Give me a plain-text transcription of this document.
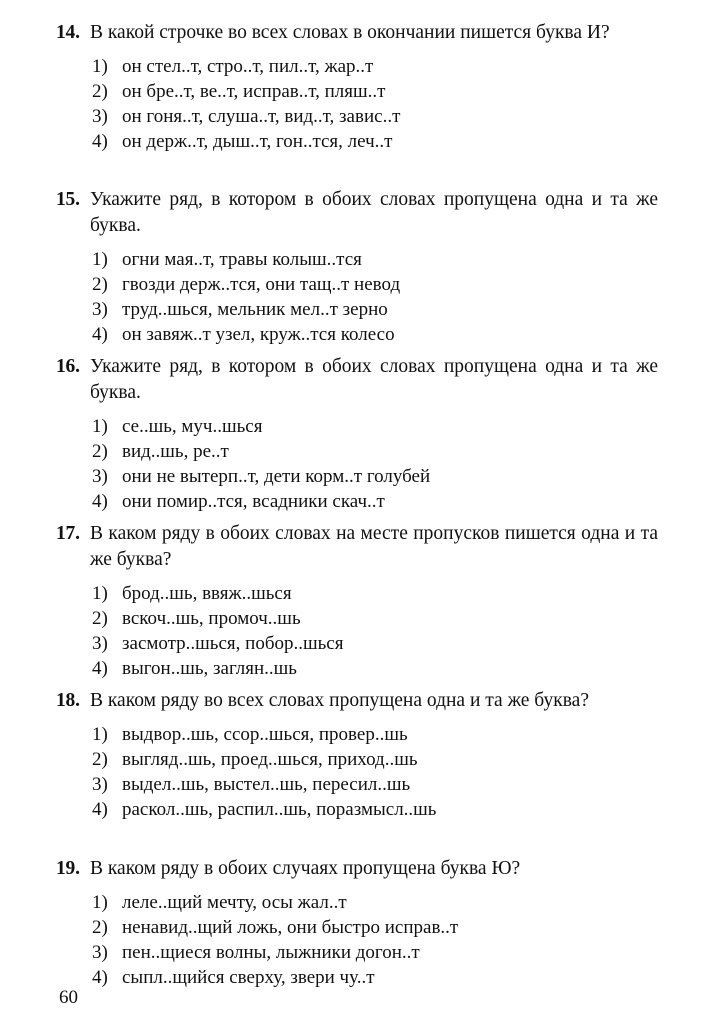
14. В какой строчке во всех словах в окончании пишется буква И?
1) он стел..т, стро..т, пил..т, жар..т
2) он бре..т, ве..т, исправ..т, пляш..т
3) он гоня..т, слуша..т, вид..т, завис..т
4) он держ..т, дыш..т, гон..тся, леч..т
15. Укажите ряд, в котором в обоих словах пропущена одна и та же буква.
1) огни мая..т, травы колыш..тся
2) гвозди держ..тся, они тащ..т невод
3) труд..шься, мельник мел..т зерно
4) он завяж..т узел, круж..тся колесо
16. Укажите ряд, в котором в обоих словах пропущена одна и та же буква.
1) се..шь, муч..шься
2) вид..шь, ре..т
3) они не вытерп..т, дети корм..т голубей
4) они помир..тся, всадники скач..т
17. В каком ряду в обоих словах на месте пропусков пишется одна и та же буква?
1) брод..шь, ввяж..шься
2) вскоч..шь, промоч..шь
3) засмотр..шься, побор..шься
4) выгон..шь, заглян..шь
18. В каком ряду во всех словах пропущена одна и та же буква?
1) выдвор..шь, ссор..шься, провер..шь
2) выгляд..шь, проед..шься, приход..шь
3) выдел..шь, выстел..шь, пересил..шь
4) раскол..шь, распил..шь, поразмысл..шь
19. В каком ряду в обоих случаях пропущена буква Ю?
1) леле..щий мечту, осы жал..т
2) ненавид..щий ложь, они быстро исправ..т
3) пен..щиеся волны, лыжники догон..т
4) сыпл..щийся сверху, звери чу..т
60
